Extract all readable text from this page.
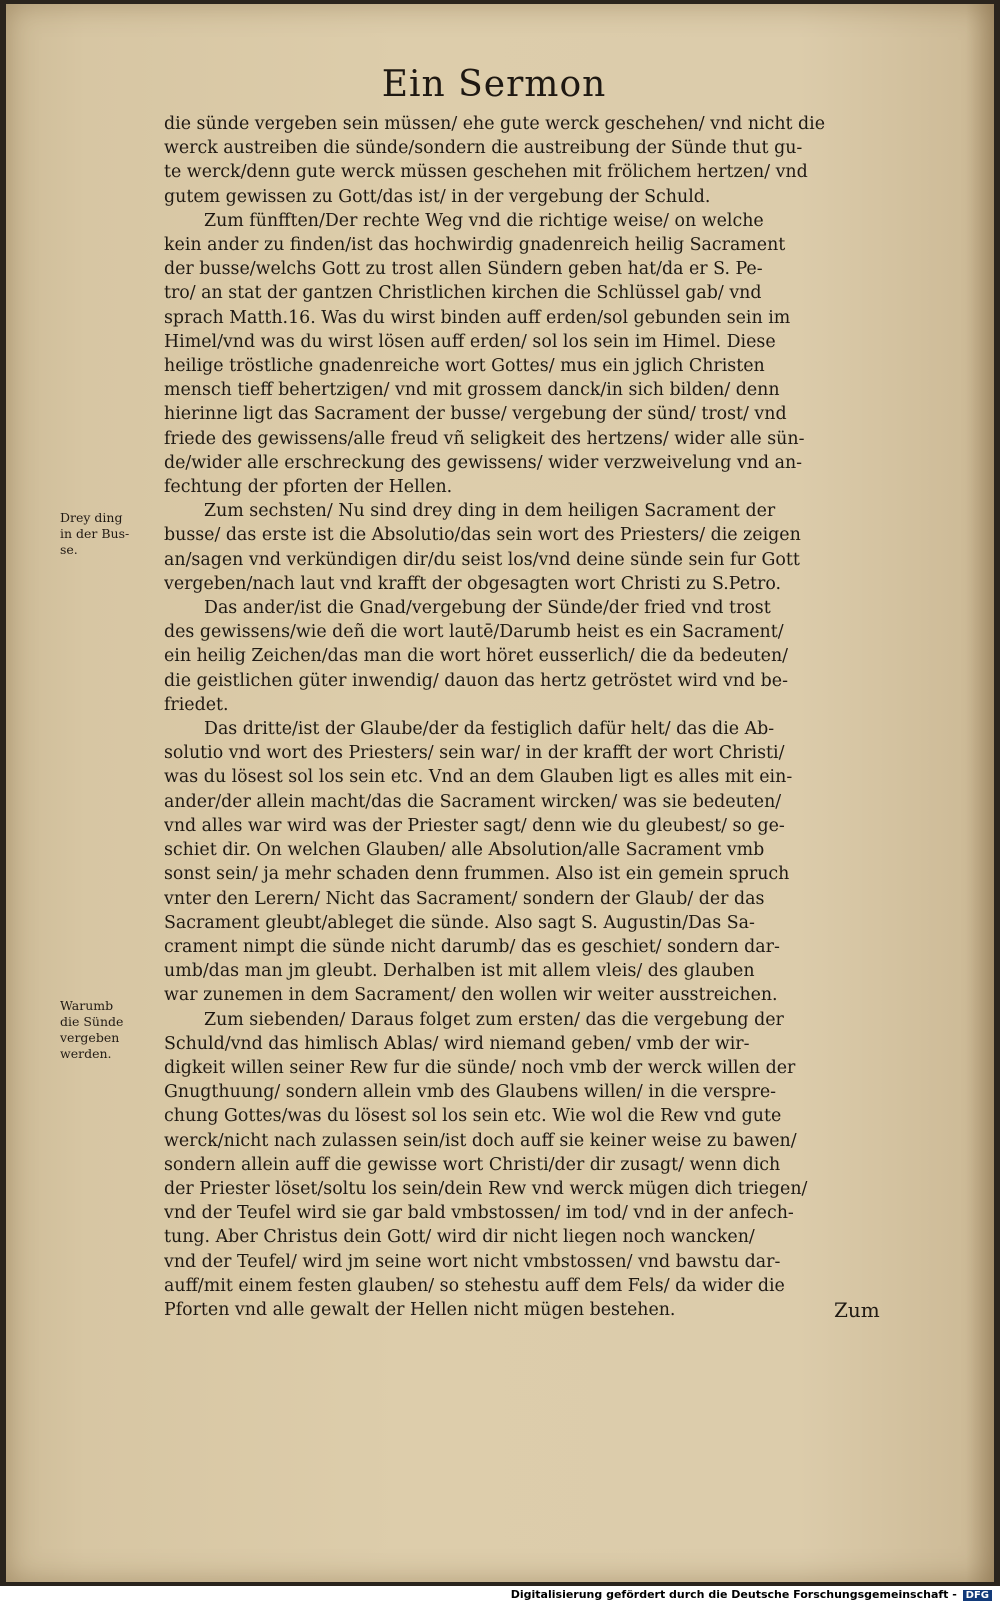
Ein Sermon
die sünde vergeben sein müssen/ ehe gute werck geschehen/ vnd nicht die
werck austreiben die sünde/sondern die austreibung der Sünde thut gu-
te werck/denn gute werck müssen geschehen mit frölichem hertzen/ vnd
gutem gewissen zu Gott/das ist/ in der vergebung der Schuld.
Zum fünfften/Der rechte Weg vnd die richtige weise/ on welche
kein ander zu finden/ist das hochwirdig gnadenreich heilig Sacrament
der busse/welchs Gott zu trost allen Sündern geben hat/da er S. Pe-
tro/ an stat der gantzen Christlichen kirchen die Schlüssel gab/ vnd
sprach Matth.16. Was du wirst binden auff erden/sol gebunden sein im
Himel/vnd was du wirst lösen auff erden/ sol los sein im Himel. Diese
heilige tröstliche gnadenreiche wort Gottes/ mus ein jglich Christen
mensch tieff behertzigen/ vnd mit grossem danck/in sich bilden/ denn
hierinne ligt das Sacrament der busse/ vergebung der sünd/ trost/ vnd
friede des gewissens/alle freud vñ seligkeit des hertzens/ wider alle sün-
de/wider alle erschreckung des gewissens/ wider verzweivelung vnd an-
fechtung der pforten der Hellen.
Zum sechsten/ Nu sind drey ding in dem heiligen Sacrament der
busse/ das erste ist die Absolutio/das sein wort des Priesters/ die zeigen
an/sagen vnd verkündigen dir/du seist los/vnd deine sünde sein fur Gott
vergeben/nach laut vnd krafft der obgesagten wort Christi zu S.Petro.
Das ander/ist die Gnad/vergebung der Sünde/der fried vnd trost
des gewissens/wie deñ die wort lautē/Darumb heist es ein Sacrament/
ein heilig Zeichen/das man die wort höret eusserlich/ die da bedeuten/
die geistlichen güter inwendig/ dauon das hertz getröstet wird vnd be-
friedet.
Das dritte/ist der Glaube/der da festiglich dafür helt/ das die Ab-
solutio vnd wort des Priesters/ sein war/ in der krafft der wort Christi/
was du lösest sol los sein etc. Vnd an dem Glauben ligt es alles mit ein-
ander/der allein macht/das die Sacrament wircken/ was sie bedeuten/
vnd alles war wird was der Priester sagt/ denn wie du gleubest/ so ge-
schiet dir. On welchen Glauben/ alle Absolution/alle Sacrament vmb
sonst sein/ ja mehr schaden denn frummen. Also ist ein gemein spruch
vnter den Lerern/ Nicht das Sacrament/ sondern der Glaub/ der das
Sacrament gleubt/ableget die sünde. Also sagt S. Augustin/Das Sa-
crament nimpt die sünde nicht darumb/ das es geschiet/ sondern dar-
umb/das man jm gleubt. Derhalben ist mit allem vleis/ des glauben
war zunemen in dem Sacrament/ den wollen wir weiter ausstreichen.
Zum siebenden/ Daraus folget zum ersten/ das die vergebung der
Schuld/vnd das himlisch Ablas/ wird niemand geben/ vmb der wir-
digkeit willen seiner Rew fur die sünde/ noch vmb der werck willen der
Gnugthuung/ sondern allein vmb des Glaubens willen/ in die verspre-
chung Gottes/was du lösest sol los sein etc. Wie wol die Rew vnd gute
werck/nicht nach zulassen sein/ist doch auff sie keiner weise zu bawen/
sondern allein auff die gewisse wort Christi/der dir zusagt/ wenn dich
der Priester löset/soltu los sein/dein Rew vnd werck mügen dich triegen/
vnd der Teufel wird sie gar bald vmbstossen/ im tod/ vnd in der anfech-
tung. Aber Christus dein Gott/ wird dir nicht liegen noch wancken/
vnd der Teufel/ wird jm seine wort nicht vmbstossen/ vnd bawstu dar-
auff/mit einem festen glauben/ so stehestu auff dem Fels/ da wider die
Pforten vnd alle gewalt der Hellen nicht mügen bestehen.
Drey ding
in der Bus-
se.
Warumb
die Sünde
vergeben
werden.
Zum
Digitalisierung gefördert durch die Deutsche Forschungsgemeinschaft - DFG
